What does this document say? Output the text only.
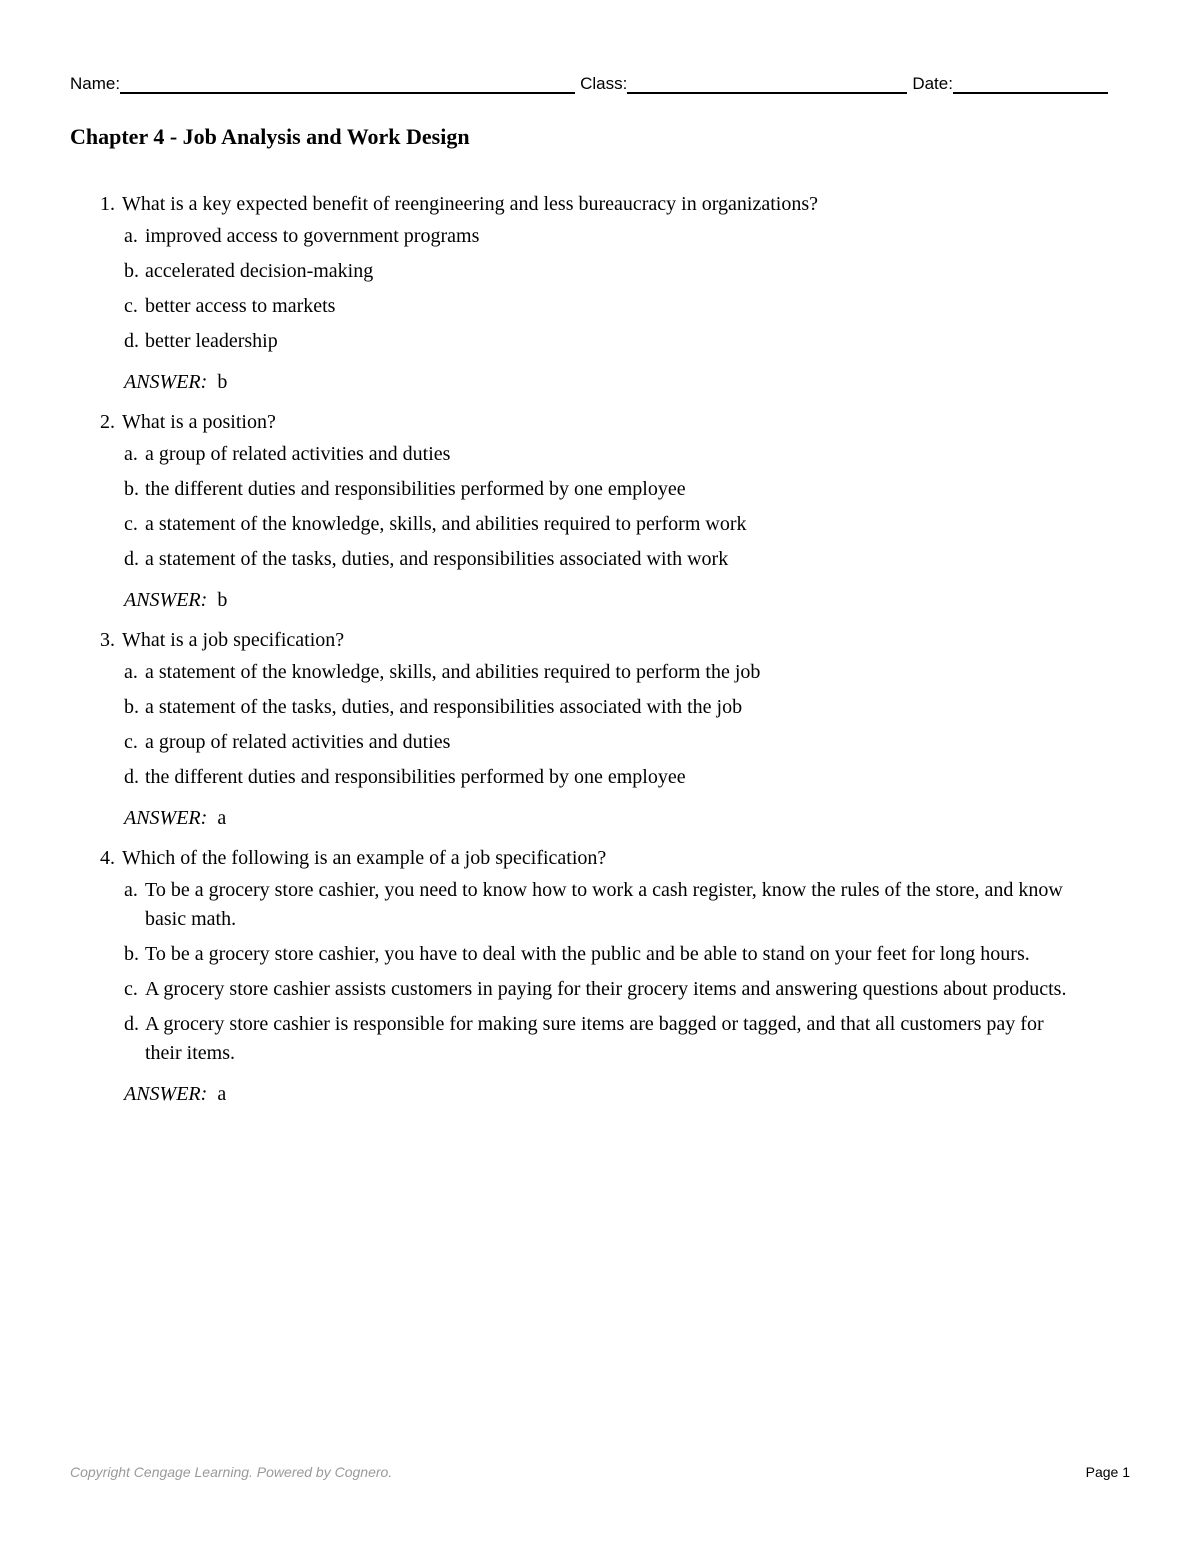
Name:	Class:	Date:
Chapter 4 - Job Analysis and Work Design
1. What is a key expected benefit of reengineering and less bureaucracy in organizations?
a. improved access to government programs
b. accelerated decision-making
c. better access to markets
d. better leadership
ANSWER: b
2. What is a position?
a. a group of related activities and duties
b. the different duties and responsibilities performed by one employee
c. a statement of the knowledge, skills, and abilities required to perform work
d. a statement of the tasks, duties, and responsibilities associated with work
ANSWER: b
3. What is a job specification?
a. a statement of the knowledge, skills, and abilities required to perform the job
b. a statement of the tasks, duties, and responsibilities associated with the job
c. a group of related activities and duties
d. the different duties and responsibilities performed by one employee
ANSWER: a
4. Which of the following is an example of a job specification?
a. To be a grocery store cashier, you need to know how to work a cash register, know the rules of the store, and know basic math.
b. To be a grocery store cashier, you have to deal with the public and be able to stand on your feet for long hours.
c. A grocery store cashier assists customers in paying for their grocery items and answering questions about products.
d. A grocery store cashier is responsible for making sure items are bagged or tagged, and that all customers pay for their items.
ANSWER: a
Copyright Cengage Learning. Powered by Cognero.	Page 1
